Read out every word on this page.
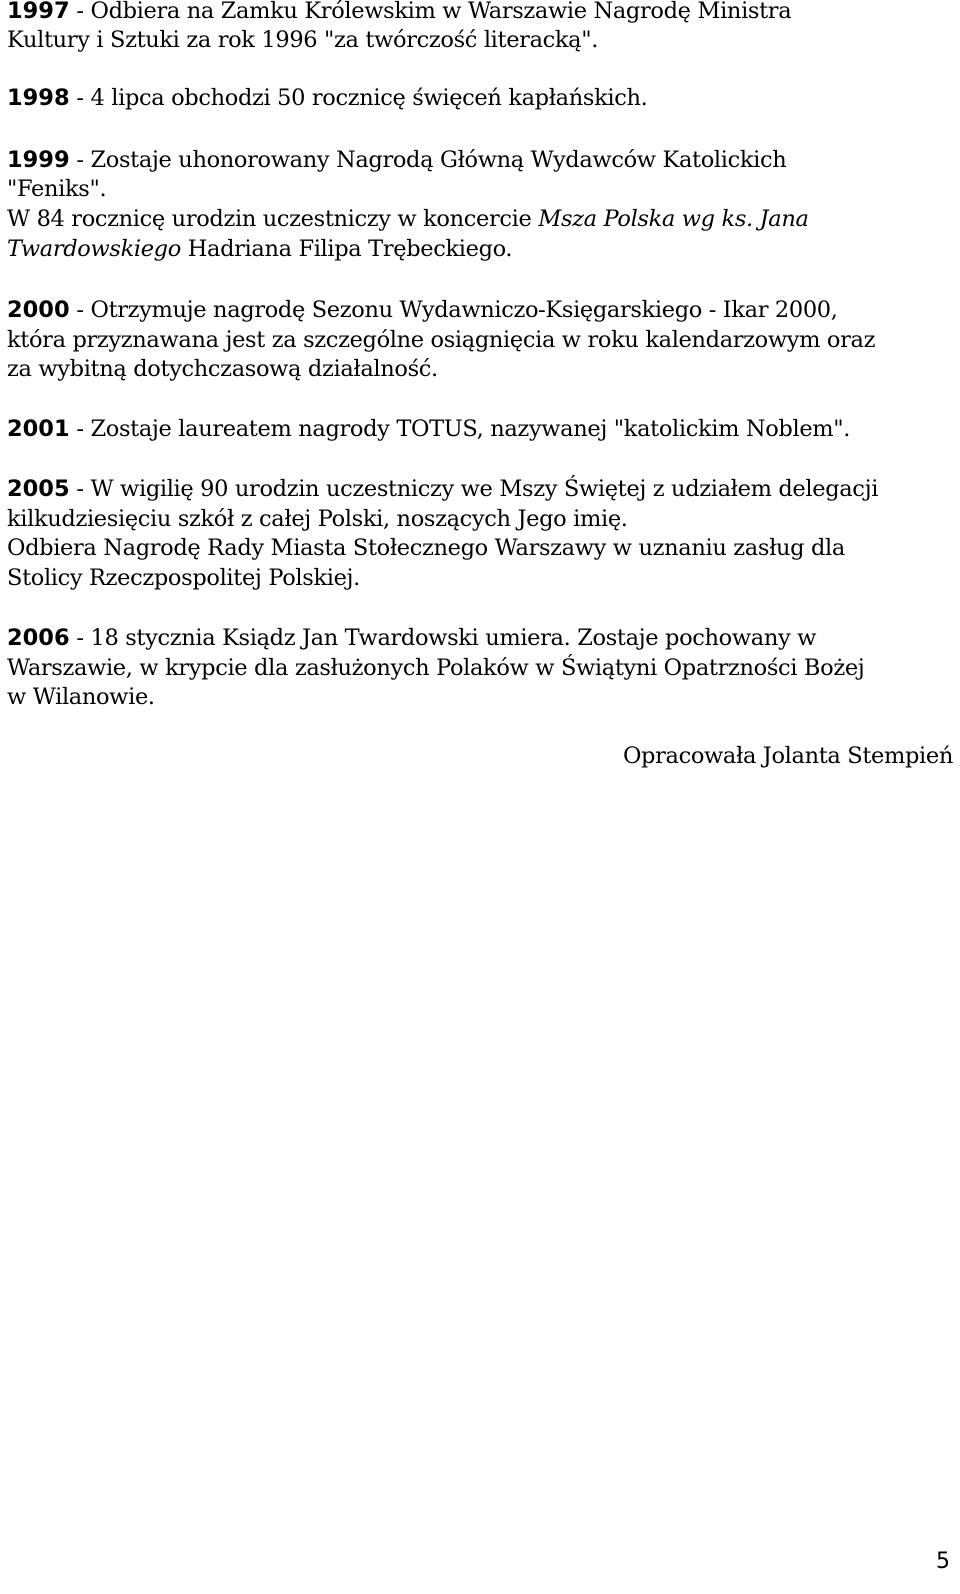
1997 - Odbiera na Zamku Królewskim w Warszawie Nagrodę Ministra
Kultury i Sztuki za rok 1996 "za twórczość literacką".
1998 - 4 lipca obchodzi 50 rocznicę święceń kapłańskich.
1999 - Zostaje uhonorowany Nagrodą Główną Wydawców Katolickich
"Feniks".
W 84 rocznicę urodzin uczestniczy w koncercie Msza Polska wg ks. Jana
Twardowskiego Hadriana Filipa Trębeckiego.
2000 - Otrzymuje nagrodę Sezonu Wydawniczo-Księgarskiego - Ikar 2000,
która przyznawana jest za szczególne osiągnięcia w roku kalendarzowym oraz
za wybitną dotychczasową działalność.
2001 - Zostaje laureatem nagrody TOTUS, nazywanej "katolickim Noblem".
2005 - W wigilię 90 urodzin uczestniczy we Mszy Świętej z udziałem delegacji
kilkudziesięciu szkół z całej Polski, noszących Jego imię.
Odbiera Nagrodę Rady Miasta Stołecznego Warszawy w uznaniu zasług dla
Stolicy Rzeczpospolitej Polskiej.
2006 - 18 stycznia Ksiądz Jan Twardowski umiera. Zostaje pochowany w
Warszawie, w krypcie dla zasłużonych Polaków w Świątyni Opatrzności Bożej
w Wilanowie.
Opracowała Jolanta Stempień
5
